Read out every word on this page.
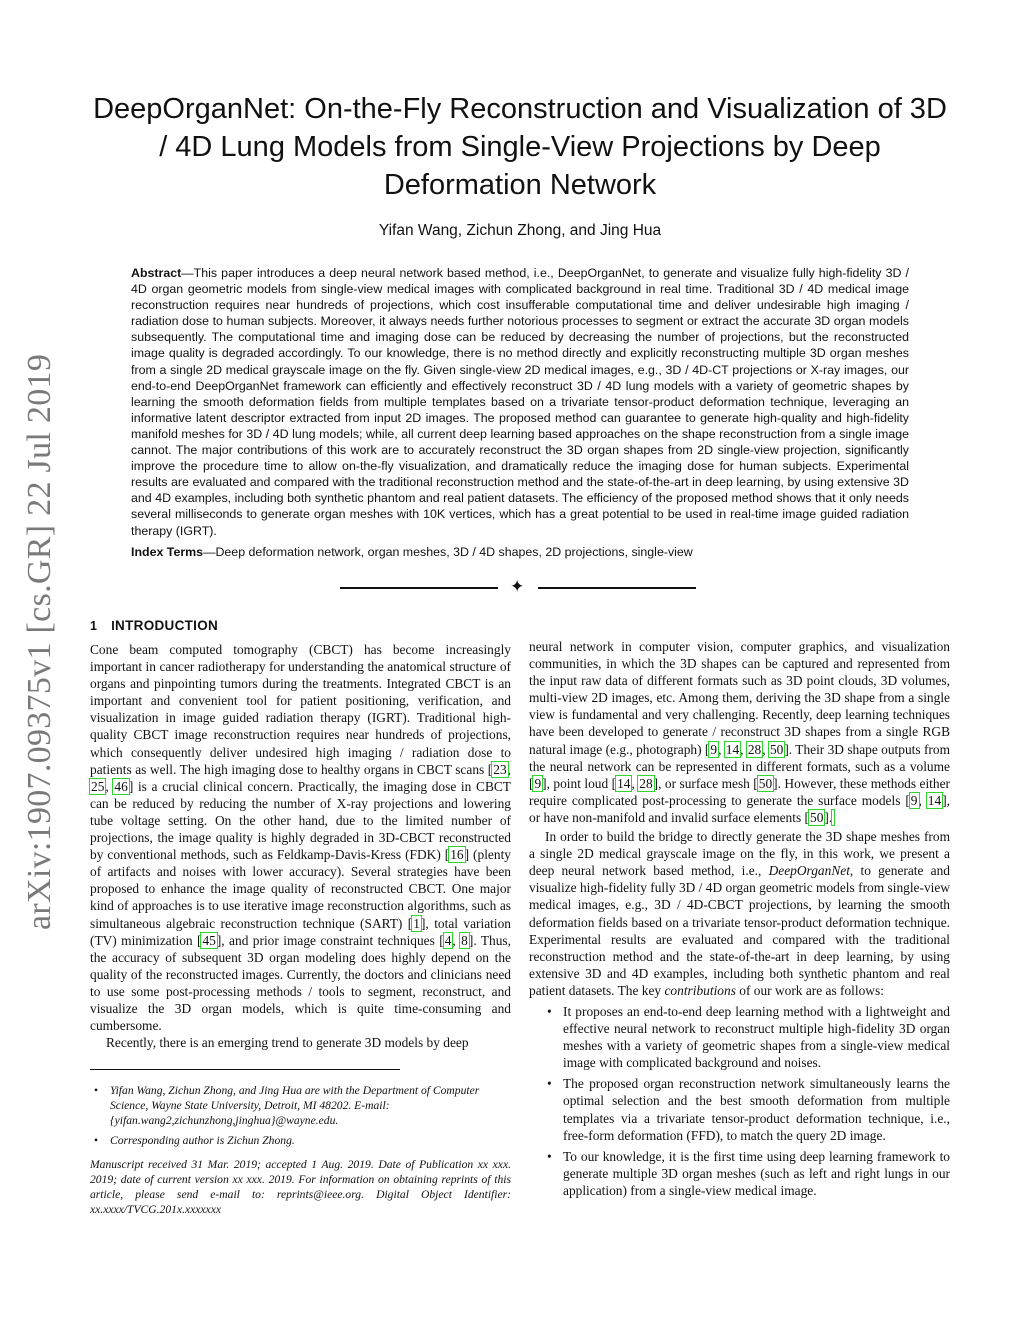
arXiv:1907.09375v1 [cs.GR] 22 Jul 2019
DeepOrganNet: On-the-Fly Reconstruction and Visualization of 3D / 4D Lung Models from Single-View Projections by Deep Deformation Network

Yifan Wang, Zichun Zhong, and Jing Hua

Abstract—This paper introduces a deep neural network based method, i.e., DeepOrganNet, to generate and visualize fully high-fidelity 3D / 4D organ geometric models from single-view medical images with complicated background in real time. Traditional 3D / 4D medical image reconstruction requires near hundreds of projections, which cost insufferable computational time and deliver undesirable high imaging / radiation dose to human subjects. Moreover, it always needs further notorious processes to segment or extract the accurate 3D organ models subsequently. The computational time and imaging dose can be reduced by decreasing the number of projections, but the reconstructed image quality is degraded accordingly. To our knowledge, there is no method directly and explicitly reconstructing multiple 3D organ meshes from a single 2D medical grayscale image on the fly. Given single-view 2D medical images, e.g., 3D / 4D-CT projections or X-ray images, our end-to-end DeepOrganNet framework can efficiently and effectively reconstruct 3D / 4D lung models with a variety of geometric shapes by learning the smooth deformation fields from multiple templates based on a trivariate tensor-product deformation technique, leveraging an informative latent descriptor extracted from input 2D images. The proposed method can guarantee to generate high-quality and high-fidelity manifold meshes for 3D / 4D lung models; while, all current deep learning based approaches on the shape reconstruction from a single image cannot. The major contributions of this work are to accurately reconstruct the 3D organ shapes from 2D single-view projection, significantly improve the procedure time to allow on-the-fly visualization, and dramatically reduce the imaging dose for human subjects. Experimental results are evaluated and compared with the traditional reconstruction method and the state-of-the-art in deep learning, by using extensive 3D and 4D examples, including both synthetic phantom and real patient datasets. The efficiency of the proposed method shows that it only needs several milliseconds to generate organ meshes with 10K vertices, which has a great potential to be used in real-time image guided radiation therapy (IGRT).

Index Terms—Deep deformation network, organ meshes, 3D / 4D shapes, 2D projections, single-view

✦
1 INTRODUCTION

Cone beam computed tomography (CBCT) has become increasingly important in cancer radiotherapy for understanding the anatomical structure of organs and pinpointing tumors during the treatments. Integrated CBCT is an important and convenient tool for patient positioning, verification, and visualization in image guided radiation therapy (IGRT). Traditional high-quality CBCT image reconstruction requires near hundreds of projections, which consequently deliver undesired high imaging / radiation dose to patients as well. The high imaging dose to healthy organs in CBCT scans [23, 25, 46] is a crucial clinical concern. Practically, the imaging dose in CBCT can be reduced by reducing the number of X-ray projections and lowering tube voltage setting. On the other hand, due to the limited number of projections, the image quality is highly degraded in 3D-CBCT reconstructed by conventional methods, such as Feldkamp-Davis-Kress (FDK) [16] (plenty of artifacts and noises with lower accuracy). Several strategies have been proposed to enhance the image quality of reconstructed CBCT. One major kind of approaches is to use iterative image reconstruction algorithms, such as simultaneous algebraic reconstruction technique (SART) [1], total variation (TV) minimization [45], and prior image constraint techniques [4, 8]. Thus, the accuracy of subsequent 3D organ modeling does highly depend on the quality of the reconstructed images. Currently, the doctors and clinicians need to use some post-processing methods / tools to segment, reconstruct, and visualize the 3D organ models, which is quite time-consuming and cumbersome.

Recently, there is an emerging trend to generate 3D models by deep

• Yifan Wang, Zichun Zhong, and Jing Hua are with the Department of Computer Science, Wayne State University, Detroit, MI 48202. E-mail: {yifan.wang2,zichunzhong,jinghua}@wayne.edu.

• Corresponding author is Zichun Zhong.

Manuscript received 31 Mar. 2019; accepted 1 Aug. 2019. Date of Publication xx xxx. 2019; date of current version xx xxx. 2019. For information on obtaining reprints of this article, please send e-mail to: reprints@ieee.org. Digital Object Identifier: xx.xxxx/TVCG.201x.xxxxxxx

neural network in computer vision, computer graphics, and visualization communities, in which the 3D shapes can be captured and represented from the input raw data of different formats such as 3D point clouds, 3D volumes, multi-view 2D images, etc. Among them, deriving the 3D shape from a single view is fundamental and very challenging. Recently, deep learning techniques have been developed to generate / reconstruct 3D shapes from a single RGB natural image (e.g., photograph) [9, 14, 28, 50]. Their 3D shape outputs from the neural network can be represented in different formats, such as a volume [9], point loud [14, 28], or surface mesh [50]. However, these methods either require complicated post-processing to generate the surface models [9, 14], or have non-manifold and invalid surface elements [50].

In order to build the bridge to directly generate the 3D shape meshes from a single 2D medical grayscale image on the fly, in this work, we present a deep neural network based method, i.e., DeepOrganNet, to generate and visualize high-fidelity fully 3D / 4D organ geometric models from single-view medical images, e.g., 3D / 4D-CBCT projections, by learning the smooth deformation fields based on a trivariate tensor-product deformation technique. Experimental results are evaluated and compared with the traditional reconstruction method and the state-of-the-art in deep learning, by using extensive 3D and 4D examples, including both synthetic phantom and real patient datasets. The key contributions of our work are as follows:

• It proposes an end-to-end deep learning method with a lightweight and effective neural network to reconstruct multiple high-fidelity 3D organ meshes with a variety of geometric shapes from a single-view medical image with complicated background and noises.
• The proposed organ reconstruction network simultaneously learns the optimal selection and the best smooth deformation from multiple templates via a trivariate tensor-product deformation technique, i.e., free-form deformation (FFD), to match the query 2D image.
• To our knowledge, it is the first time using deep learning framework to generate multiple 3D organ meshes (such as left and right lungs in our application) from a single-view medical image.
